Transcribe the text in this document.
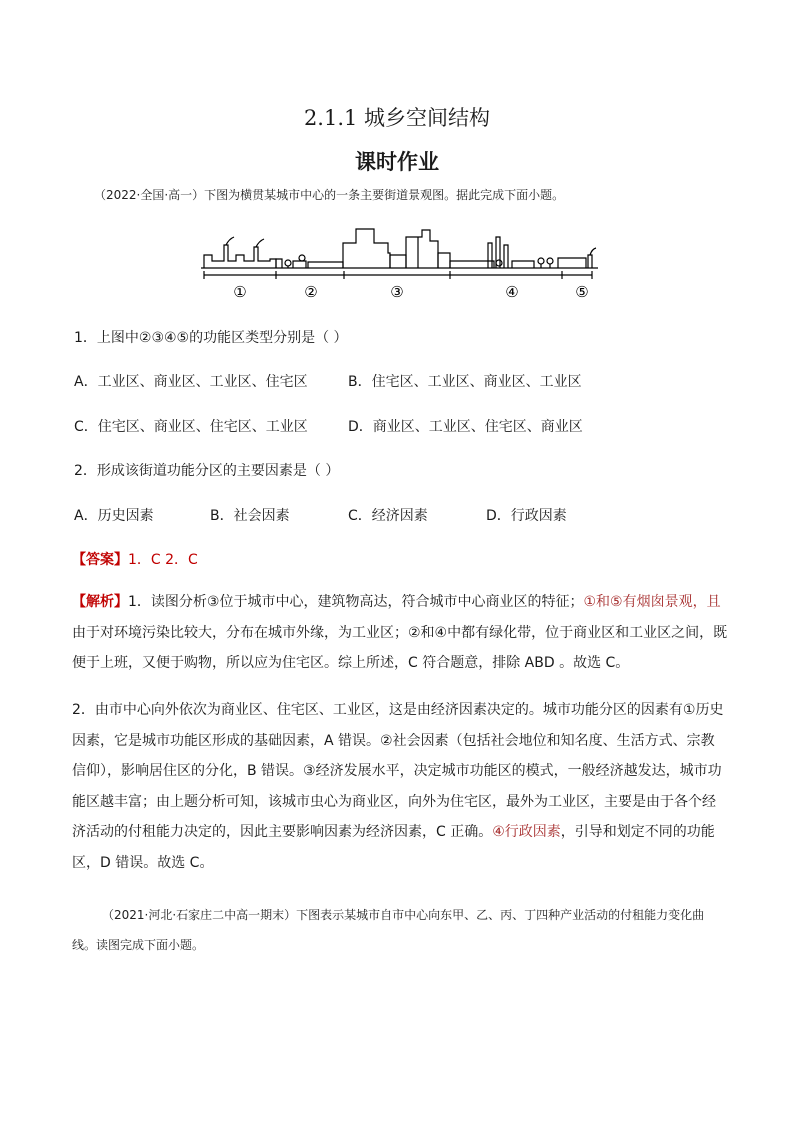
2.1.1 城乡空间结构
课时作业
（2022·全国·高一）下图为横贯某城市中心的一条主要街道景观图。据此完成下面小题。
①	②	③	④	⑤
1．上图中②③④⑤的功能区类型分别是（ ）
A．工业区、商业区、工业区、住宅区	B．住宅区、工业区、商业区、工业区
C．住宅区、商业区、住宅区、工业区	D．商业区、工业区、住宅区、商业区
2．形成该街道功能分区的主要因素是（ ）
A．历史因素	B．社会因素	C．经济因素	D．行政因素
【答案】1．C 2．C
【解析】1．读图分析③位于城市中心，建筑物高达，符合城市中心商业区的特征；①和⑤有烟囱景观，且由于对环境污染比较大，分布在城市外缘，为工业区；②和④中都有绿化带，位于商业区和工业区之间，既便于上班，又便于购物，所以应为住宅区。综上所述，C 符合题意，排除 ABD 。故选 C。
2．由市中心向外依次为商业区、住宅区、工业区，这是由经济因素决定的。城市功能分区的因素有①历史因素，它是城市功能区形成的基础因素，A 错误。②社会因素（包括社会地位和知名度、生活方式、宗教信仰），影响居住区的分化，B 错误。③经济发展水平，决定城市功能区的模式，一般经济越发达，城市功能区越丰富；由上题分析可知，该城市虫心为商业区，向外为住宅区，最外为工业区，主要是由于各个经济活动的付租能力决定的，因此主要影响因素为经济因素，C 正确。④行政因素，引导和划定不同的功能区，D 错误。故选 C。
（2021·河北·石家庄二中高一期末）下图表示某城市自市中心向东甲、乙、丙、丁四种产业活动的付租能力变化曲线。读图完成下面小题。
